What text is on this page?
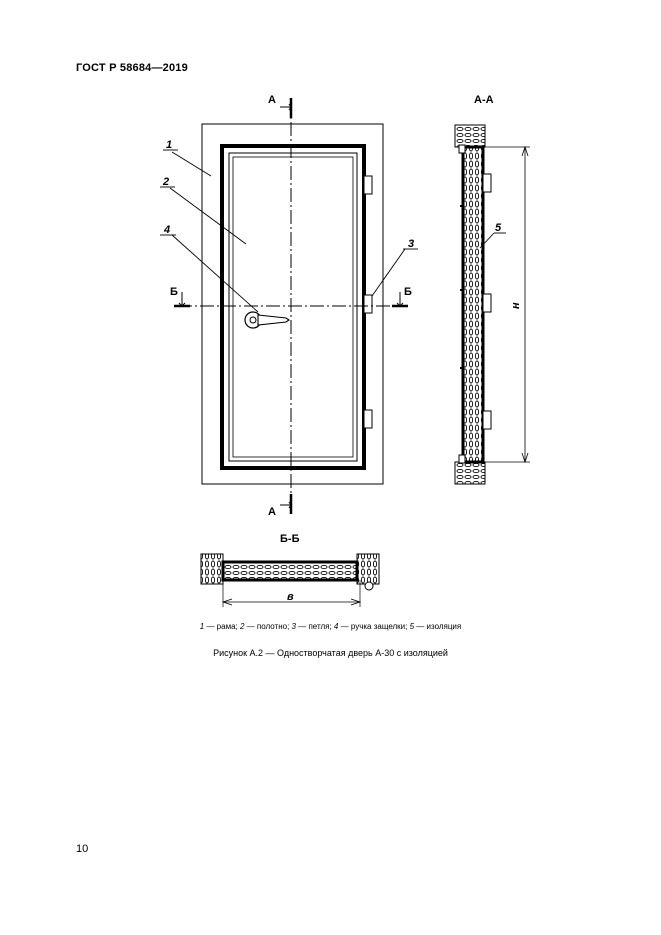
ГОСТ Р 58684—2019
А
А
Б	Б
1
2
4
3
А-А
5
н
Б-Б
в
1 — рама; 2 — полотно; 3 — петля; 4 — ручка защелки; 5 — изоляция
Рисунок А.2 — Одностворчатая дверь А-30 с изоляцией
10
